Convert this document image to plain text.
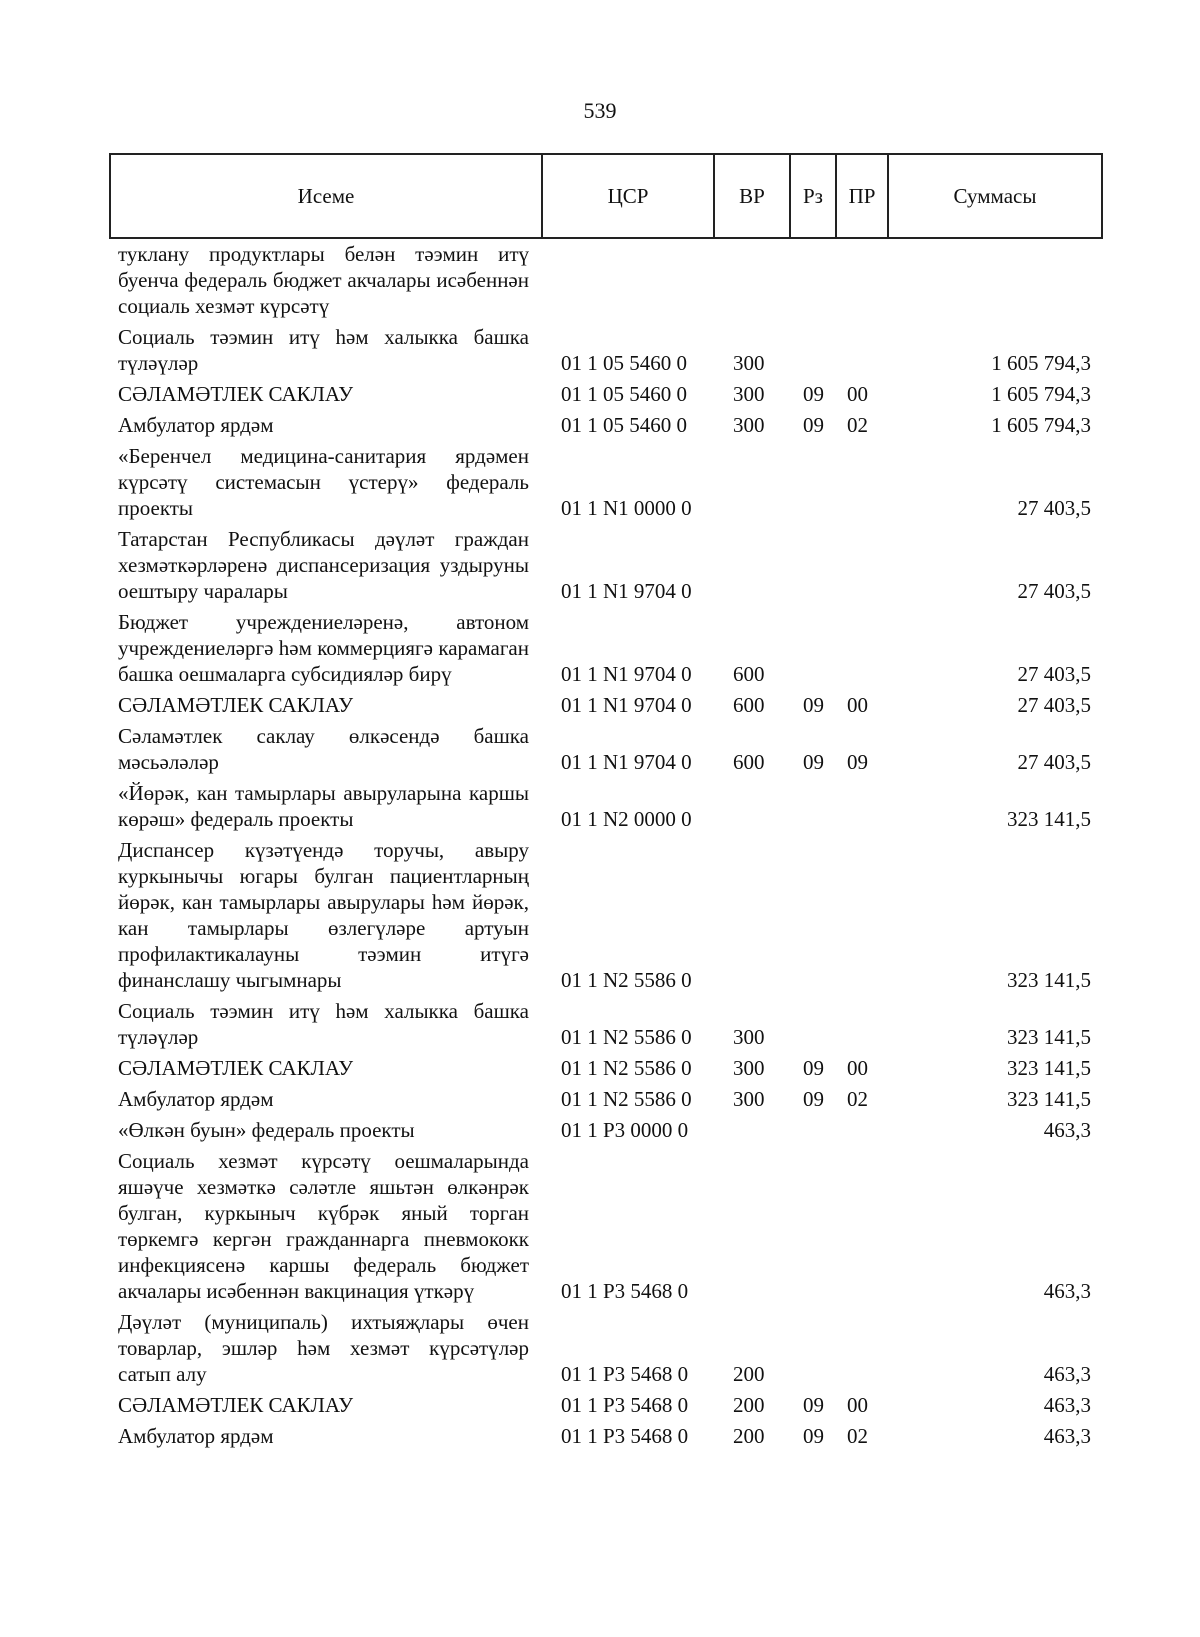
539
Исеме	ЦСР	ВР	Рз	ПР	Суммасы
туклану продуктлары белән тәэмин итү буенча федераль бюджет акчалары исәбеннән социаль хезмәт күрсәтү					
Социаль тәэмин итү һәм халыкка башка түләүләр	01 1 05 5460 0	300			1 605 794,3
СӘЛАМӘТЛЕК САКЛАУ	01 1 05 5460 0	300	09	00	1 605 794,3
Амбулатор ярдәм	01 1 05 5460 0	300	09	02	1 605 794,3
«Беренчел медицина-санитария ярдәмен күрсәтү системасын үстерү» федераль проекты	01 1 N1 0000 0				27 403,5
Татарстан Республикасы дәүләт граждан хезмәткәрләренә диспансеризация уздыруны оештыру чаралары	01 1 N1 9704 0				27 403,5
Бюджет учреждениеләренә, автоном учреждениеләргә һәм коммерциягә карамаган башка оешмаларга субсидияләр бирү	01 1 N1 9704 0	600			27 403,5
СӘЛАМӘТЛЕК САКЛАУ	01 1 N1 9704 0	600	09	00	27 403,5
Сәламәтлек саклау өлкәсендә башка мәсьәләләр	01 1 N1 9704 0	600	09	09	27 403,5
«Йөрәк, кан тамырлары авыруларына каршы көрәш» федераль проекты	01 1 N2 0000 0				323 141,5
Диспансер күзәтүендә торучы, авыру куркынычы югары булган пациентларның йөрәк, кан тамырлары авырулары һәм йөрәк, кан тамырлары өзлегүләре артуын профилактикалауны тәэмин итүгә финанслашу чыгымнары	01 1 N2 5586 0				323 141,5
Социаль тәэмин итү һәм халыкка башка түләүләр	01 1 N2 5586 0	300			323 141,5
СӘЛАМӘТЛЕК САКЛАУ	01 1 N2 5586 0	300	09	00	323 141,5
Амбулатор ярдәм	01 1 N2 5586 0	300	09	02	323 141,5
«Өлкән буын» федераль проекты	01 1 P3 0000 0				463,3
Социаль хезмәт күрсәтү оешмаларында яшәүче хезмәткә сәләтле яшьтән өлкәнрәк булган, куркыныч күбрәк яный торган төркемгә кергән гражданнарга пневмококк инфекциясенә каршы федераль бюджет акчалары исәбеннән вакцинация үткәрү	01 1 P3 5468 0				463,3
Дәүләт (муниципаль) ихтыяҗлары өчен товарлар, эшләр һәм хезмәт күрсәтүләр сатып алу	01 1 P3 5468 0	200			463,3
СӘЛАМӘТЛЕК САКЛАУ	01 1 P3 5468 0	200	09	00	463,3
Амбулатор ярдәм	01 1 P3 5468 0	200	09	02	463,3
